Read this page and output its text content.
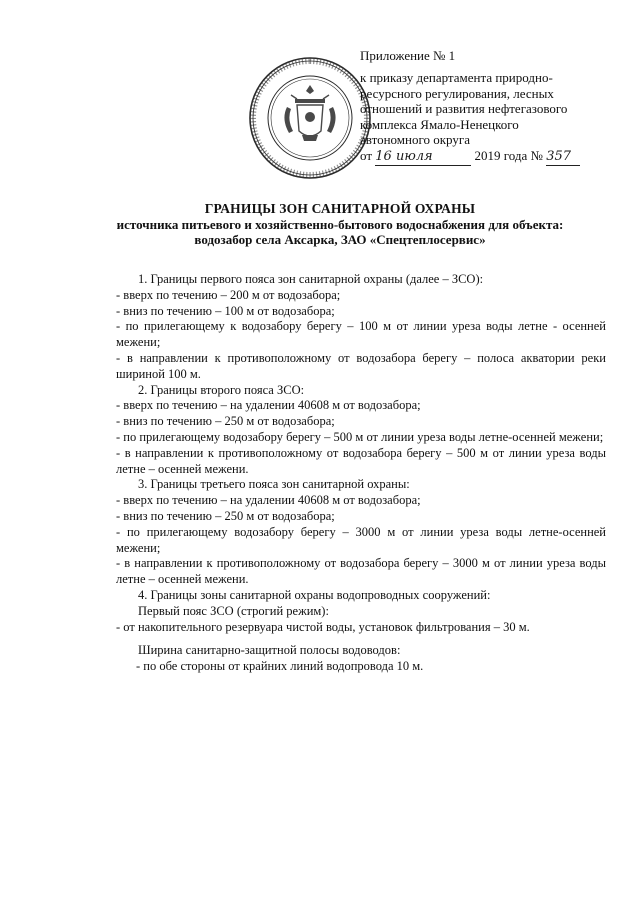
Приложение № 1
к приказу департамента природно-
ресурсного регулирования, лесных
отношений и развития нефтегазового
комплекса Ямало-Ненецкого
автономного округа
от 16 июля	2019 года № 357
ГРАНИЦЫ ЗОН САНИТАРНОЙ ОХРАНЫ
источника питьевого и хозяйственно-бытового водоснабжения для объекта:
водозабор села Аксарка, ЗАО «Спецтеплосервис»

1. Границы первого пояса зон санитарной охраны (далее – ЗСО):

- вверх по течению – 200 м от водозабора;

- вниз по течению – 100 м от водозабора;

- по прилегающему к водозабору берегу – 100 м от линии уреза воды летне - осенней межени;

- в направлении к противоположному от водозабора берегу – полоса акватории реки шириной 100 м.

2. Границы второго пояса ЗСО:

- вверх по течению – на удалении 40608 м от водозабора;

- вниз по течению – 250 м от водозабора;

- по прилегающему водозабору берегу – 500 м от линии уреза воды летне-осенней межени;

- в направлении к противоположному от водозабора берегу – 500 м от линии уреза воды летне – осенней межени.

3. Границы третьего пояса зон санитарной охраны:

- вверх по течению – на удалении 40608 м от водозабора;

- вниз по течению – 250 м от водозабора;

- по прилегающему водозабору берегу – 3000 м от линии уреза воды летне-осенней межени;

- в направлении к противоположному от водозабора берегу – 3000 м от линии уреза воды летне – осенней межени.

4. Границы зоны санитарной охраны водопроводных сооружений:

Первый пояс ЗСО (строгий режим):

- от накопительного резервуара чистой воды, установок фильтрования – 30 м.

Ширина санитарно-защитной полосы водоводов:

- по обе стороны от крайних линий водопровода 10 м.
